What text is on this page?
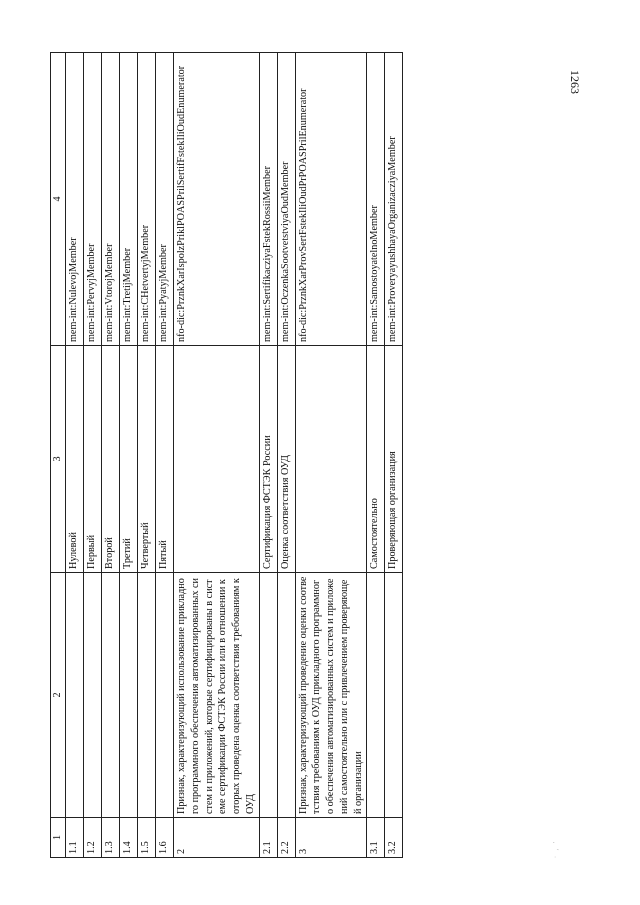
1263
· ¸ '
1	2	3	4
1.1		Нулевой	mem-int:NulevojMember
1.2		Первый	mem-int:PervyjMember
1.3		Второй	mem-int:VtorojMember
1.4		Третий	mem-int:TretijMember
1.5		Четвертый	mem-int:CHetvertyjMember
1.6		Пятый	mem-int:PyatyjMember
2	Признак, характеризующий использование прикладного программного обеспечения автоматизированных систем и приложений, которые сертифицированы в системе сертификации ФСТЭК России или в отношении которых проведена оценка соответствия требованиям к ОУД		nfo-dic:PrznkXarIspolzPriklPOASPrilSertifFstekIliOudEnumerator
2.1		Сертификация ФСТЭК России	mem-int:SertifikacziyaFstekRossiiMember
2.2		Оценка соответствия ОУД	mem-int:OczenkaSootvetstviyaOudMember
3	Признак, характеризующий проведение оценки соответствия требованиям к ОУД прикладного программного обеспечения автоматизированных систем и приложений самостоятельно или с привлечением проверяющей организации		nfo-dic:PrznkXarProvSertFstekIliOudPrPOASPrilEnumerator
3.1		Самостоятельно	mem-int:SamostoyatelnoMember
3.2		Проверяющая организация	mem-int:ProveryayushhayaOrganizacziyaMember
